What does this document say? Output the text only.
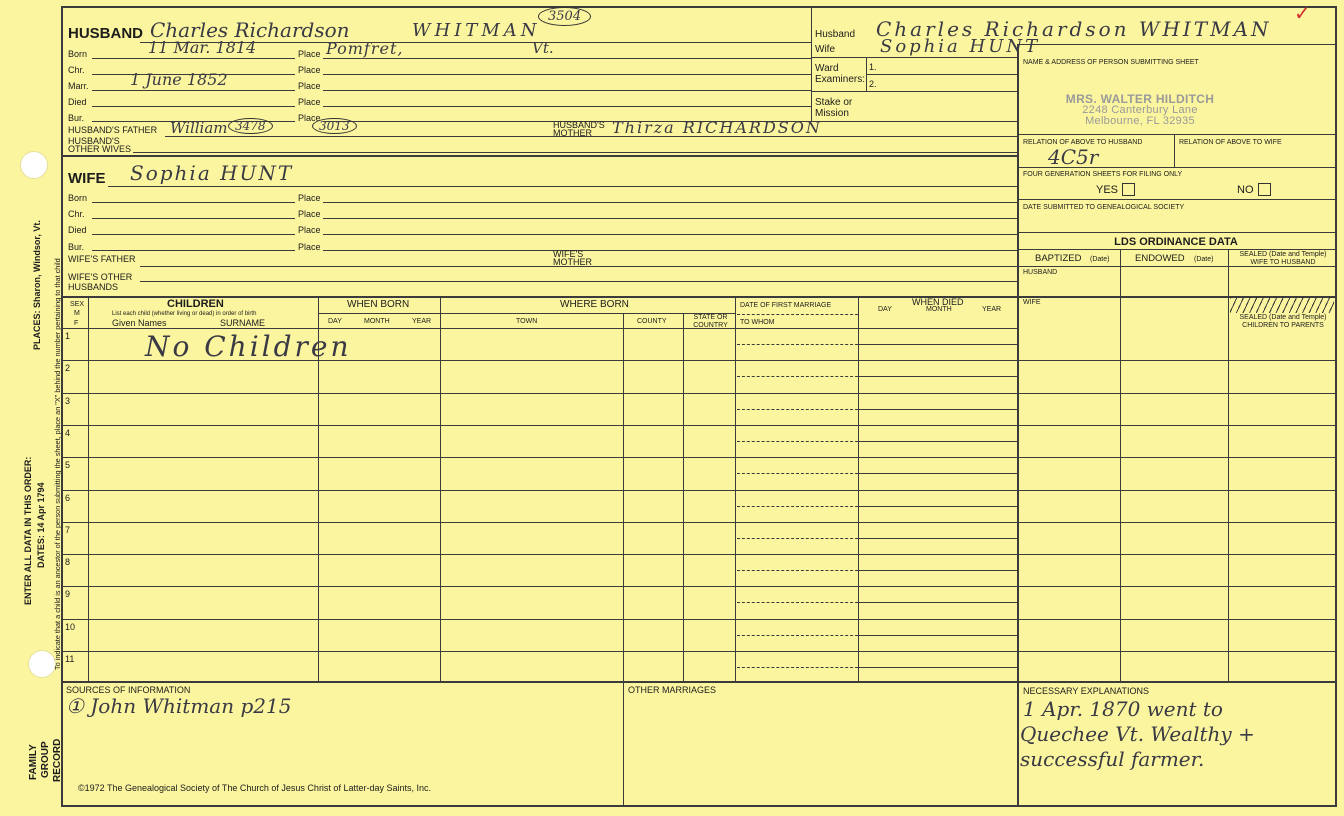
PLACES: Sharon, Windsor, Vt. To indicate that a child is an ancestor of the person submitting the sheet, place an "X" behind the number pertaining to that child
ENTER ALL DATA IN THIS ORDER: DATES: 14 Apr 1794
FAMILY GROUP RECORD
HUSBAND Charles Richardson	WHITMAN
3504
Born	11 Mar. 1814	Place Pomfret,	Vt.
Chr.	Place
Marr.	1 June 1852	Place
Died	Place
Bur.	Place
HUSBAND'S FATHER William 3478	3013	HUSBAND'S MOTHER	Thirza RICHARDSON
HUSBAND'S OTHER WIVES
WIFE Sophia HUNT
Born	Place
Chr.	Place
Died	Place
Bur.	Place
WIFE'S FATHER	WIFE'S MOTHER
WIFE'S OTHER HUSBANDS
Husband Charles Richardson WHITMAN
✓
Wife	Sophia HUNT
Ward
Examiners:
1.
2.
Stake or Mission
NAME & ADDRESS OF PERSON SUBMITTING SHEET
MRS. WALTER HILDITCH
2248 Canterbury Lane
Melbourne, FL 32935
RELATION OF ABOVE TO HUSBAND	RELATION OF ABOVE TO WIFE
4C5r
FOUR GENERATION SHEETS FOR FILING ONLY
YES	NO
DATE SUBMITTED TO GENEALOGICAL SOCIETY
LDS ORDINANCE DATA
BAPTIZED (Date)	ENDOWED (Date)
SEALED (Date and Temple) WIFE TO HUSBAND
HUSBAND
WIFE
SEALED (Date and Temple) CHILDREN TO PARENTS
SEX
M
F
CHILDREN
List each child (whether living or dead) in order of birth
Given Names	SURNAME
WHEN BORN
DAY	MONTH	YEAR
WHERE BORN
TOWN	COUNTY
STATE OR COUNTRY
DATE OF FIRST MARRIAGE
TO WHOM
WHEN DIED
DAY	MONTH	YEAR
No Children
1
2
3
4
5
6
7
8
9
10
11
SOURCES OF INFORMATION
① John Whitman p215
OTHER MARRIAGES	NECESSARY EXPLANATIONS
1 Apr. 1870 went to
Quechee Vt. Wealthy +
successful farmer.
©1972 The Genealogical Society of The Church of Jesus Christ of Latter-day Saints, Inc.
